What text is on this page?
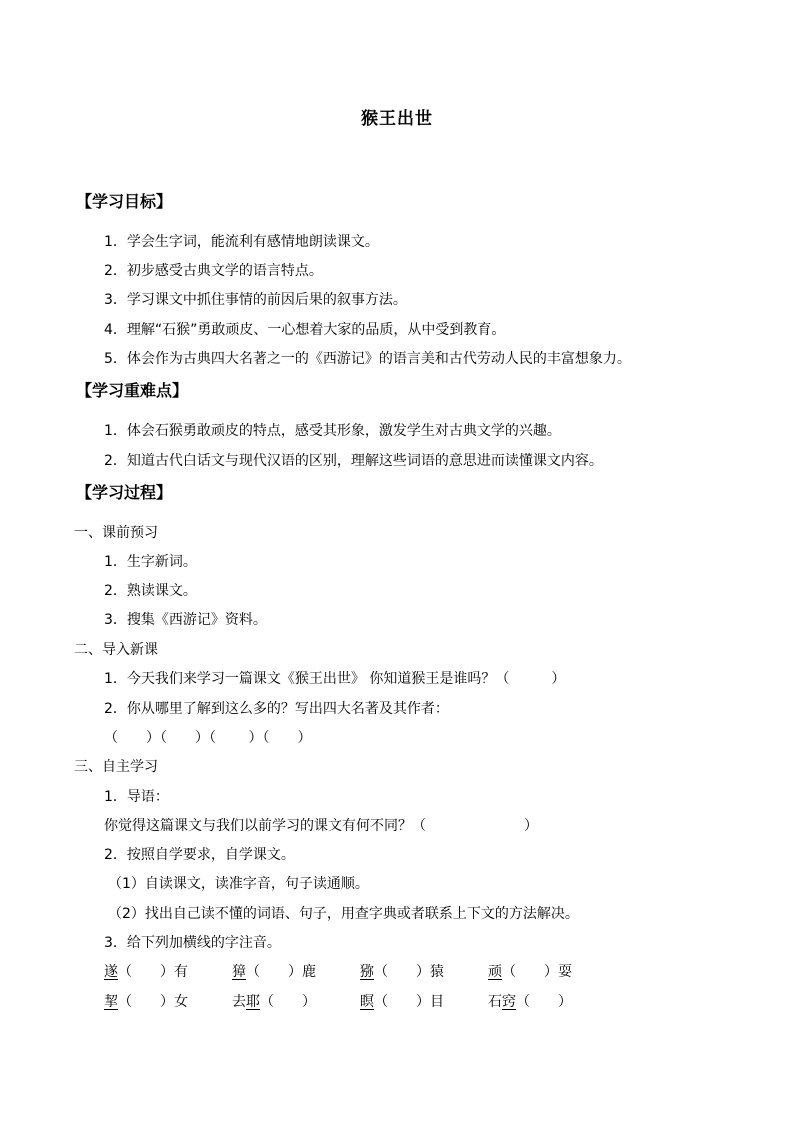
猴王出世
【学习目标】
1．学会生字词，能流利有感情地朗读课文。
2．初步感受古典文学的语言特点。
3．学习课文中抓住事情的前因后果的叙事方法。
4．理解“石猴”勇敢顽皮、一心想着大家的品质，从中受到教育。
5．体会作为古典四大名著之一的《西游记》的语言美和古代劳动人民的丰富想象力。
【学习重难点】
1．体会石猴勇敢顽皮的特点，感受其形象，激发学生对古典文学的兴趣。
2．知道古代白话文与现代汉语的区别，理解这些词语的意思进而读懂课文内容。
【学习过程】
一、课前预习
1．生字新词。
2．熟读课文。
3．搜集《西游记》资料。
二、导入新课
1．今天我们来学习一篇课文《猴王出世》 你知道猴王是谁吗？（　　　）
2．你从哪里了解到这么多的？写出四大名著及其作者：
（　　）（　　）（　　 ）（　　）
三、自主学习
1．导语：
你觉得这篇课文与我们以前学习的课文有何不同？（　　　　　　　）
2．按照自学要求，自学课文。
（1）自读课文，读准字音，句子读通顺。
（2）找出自己读不懂的词语、句子，用查字典或者联系上下文的方法解决。
3．给下列加横线的字注音。
遂（　　）有	獐（　　）鹿	猕（　　）猿	顽（　　）耍
挈（　　）女	去耶（　　）	瞑（　　）目	石窍（　　）
